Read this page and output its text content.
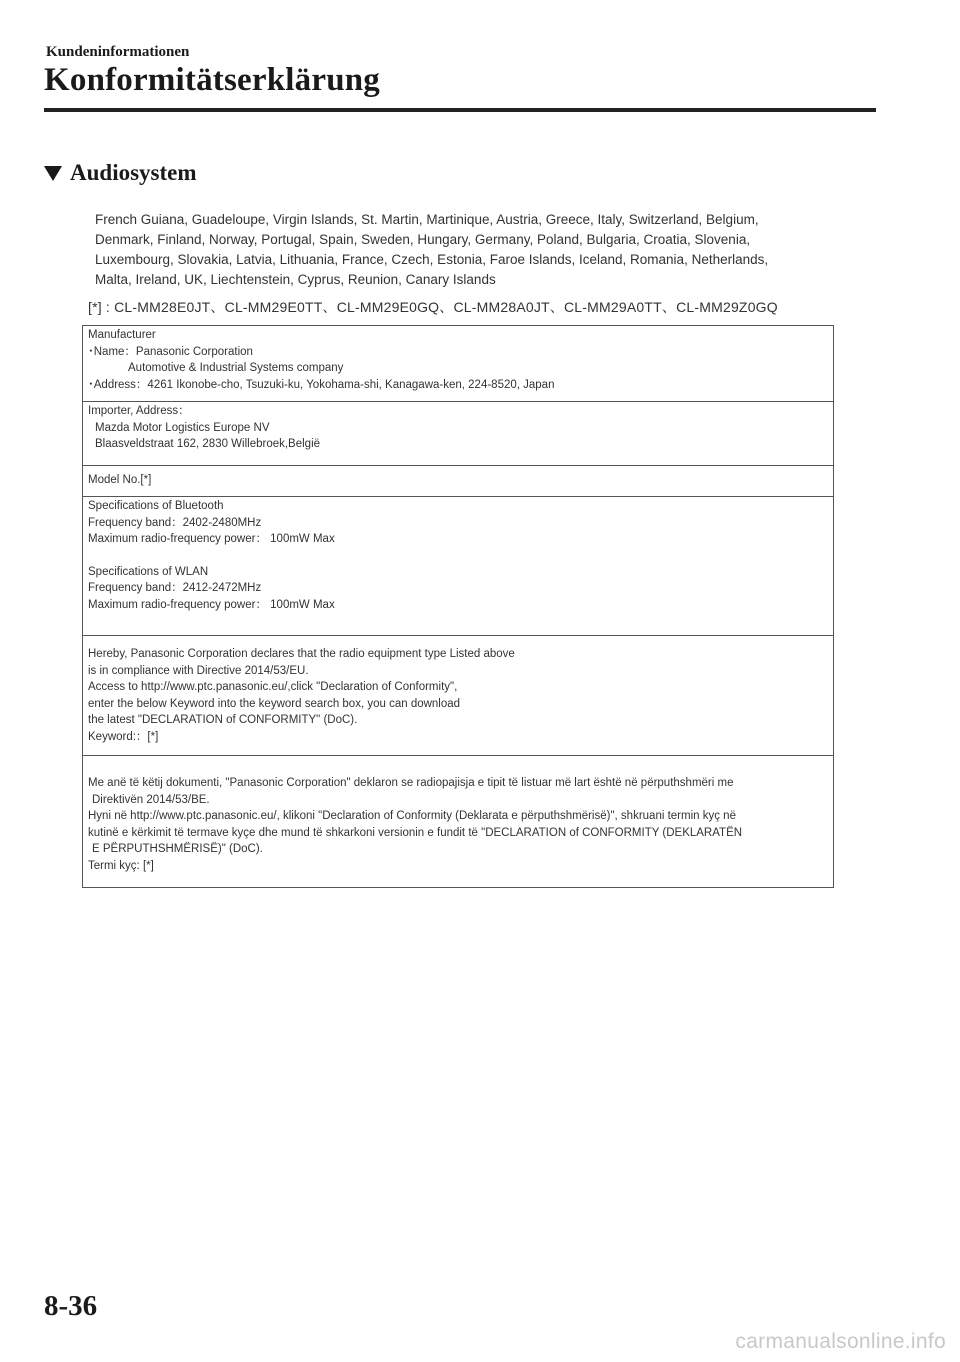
Kundeninformationen
Konformitätserklärung
Audiosystem
French Guiana, Guadeloupe, Virgin Islands, St. Martin, Martinique, Austria, Greece, Italy, Switzerland, Belgium,
Denmark, Finland, Norway, Portugal, Spain, Sweden, Hungary, Germany, Poland, Bulgaria, Croatia, Slovenia,
Luxembourg, Slovakia, Latvia, Lithuania, France, Czech, Estonia, Faroe Islands, Iceland, Romania, Netherlands,
Malta, Ireland, UK, Liechtenstein, Cyprus, Reunion, Canary Islands
[*] : CL-MM28E0JT、CL-MM29E0TT、CL-MM29E0GQ、CL-MM28A0JT、CL-MM29A0TT、CL-MM29Z0GQ
Manufacturer
･Name：Panasonic Corporation
Automotive & Industrial Systems company
･Address：4261 Ikonobe-cho, Tsuzuki-ku, Yokohama-shi, Kanagawa-ken, 224-8520, Japan
Importer, Address：
Mazda Motor Logistics Europe NV
Blaasveldstraat 162, 2830 Willebroek,België
Model No.[*]
Specifications of Bluetooth
Frequency band：2402-2480MHz
Maximum radio-frequency power： 100mW Max
Specifications of WLAN
Frequency band：2412-2472MHz
Maximum radio-frequency power： 100mW Max
Hereby, Panasonic Corporation declares that the radio equipment type Listed above
is in compliance with Directive 2014/53/EU.
Access to http://www.ptc.panasonic.eu/,click "Declaration of Conformity",
enter the below Keyword into the keyword search box, you can download
the latest "DECLARATION of CONFORMITY" (DoC).
Keyword:：[*]
Me anë të këtij dokumenti, "Panasonic Corporation" deklaron se radiopajisja e tipit të listuar më lart është në përputhshmëri me
Direktivën 2014/53/BE.
Hyni në http://www.ptc.panasonic.eu/, klikoni "Declaration of Conformity (Deklarata e përputhshmërisë)", shkruani termin kyç në
kutinë e kërkimit të termave kyçe dhe mund të shkarkoni versionin e fundit të "DECLARATION of CONFORMITY (DEKLARATËN
E PËRPUTHSHMËRISË)" (DoC).
Termi kyç: [*]
8-36
carmanualsonline.info
